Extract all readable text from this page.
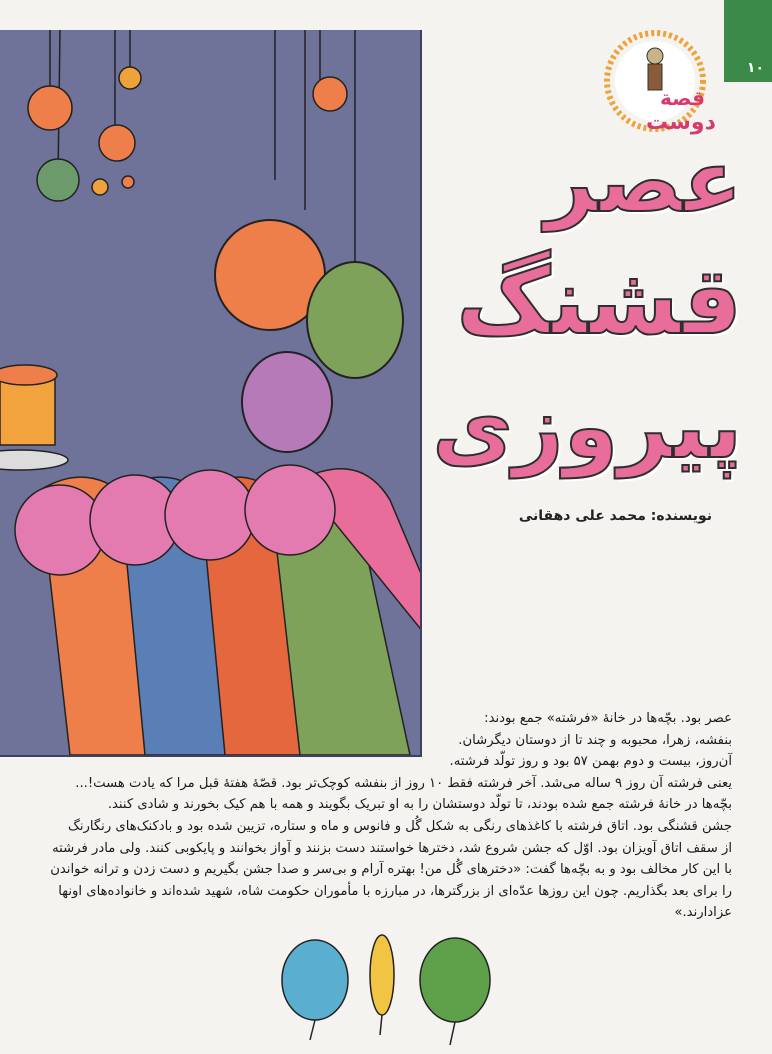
۱۰
قصة
دوست
عصر
قشنگ
پیروزی
نویسنده: محمد علی دهقانی

عصر بود. بچّه‌ها در خانهٔ «فرشته» جمع بودند:

بنفشه، زهرا، محبوبه و چند تا از دوستان دیگرشان.

آن‌روز، بیست و دوم بهمن ۵۷ بود و روز تولّد فرشته.

یعنی فرشته آن روز ۹ ساله می‌شد. آخر فرشته فقط ۱۰ روز از بنفشه کوچک‌تر بود. قصّهٔ هفتهٔ قبل مرا که یادت هست!...

بچّه‌ها در خانهٔ فرشته جمع شده بودند، تا تولّد دوستشان را به او تبریک بگویند و همه با هم کیک بخورند و شادی کنند.

جشن قشنگی بود. اتاق فرشته با کاغذهای رنگی به شکل گُل و فانوس و ماه و ستاره، تزیین شده بود و بادکنک‌های رنگارنگ

از سقف اتاق آویزان بود. اوّل که جشن شروع شد، دخترها خواستند دست بزنند و آواز بخوانند و پایکوبی کنند. ولی مادر فرشته

با این کار مخالف بود و به بچّه‌ها گفت: «دخترهای گُل من! بهتره آرام و بی‌سر و صدا جشن بگیریم و دست زدن و ترانه خواندن

را برای بعد بگذاریم. چون این روزها عدّه‌ای از بزرگترها، در مبارزه با مأموران حکومت شاه، شهید شده‌اند و خانواده‌های اونها

عزادارند.»
